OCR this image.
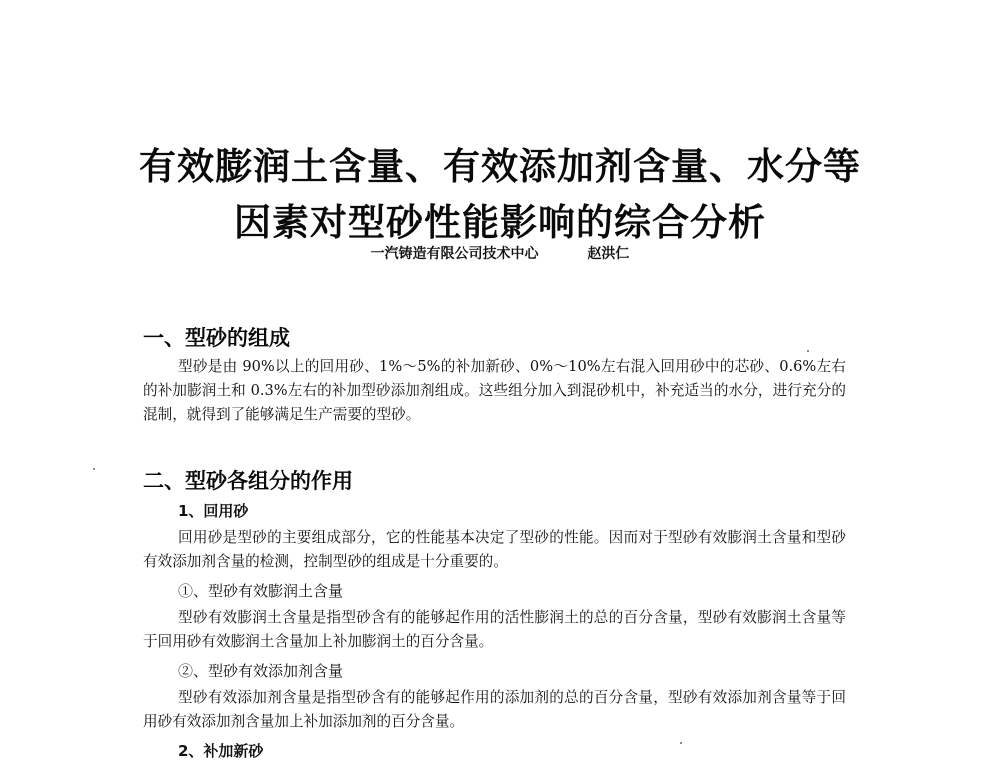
有效膨润土含量、有效添加剂含量、水分等
因素对型砂性能影响的综合分析
一汽铸造有限公司技术中心	赵洪仁
一、型砂的组成
型砂是由 90%以上的回用砂、1%～5%的补加新砂、0%～10%左右混入回用砂中的芯砂、0.6%左右的补加膨润土和 0.3%左右的补加型砂添加剂组成。这些组分加入到混砂机中，补充适当的水分，进行充分的混制，就得到了能够满足生产需要的型砂。
二、型砂各组分的作用
1、回用砂
回用砂是型砂的主要组成部分，它的性能基本决定了型砂的性能。因而对于型砂有效膨润土含量和型砂有效添加剂含量的检测，控制型砂的组成是十分重要的。
①、型砂有效膨润土含量
型砂有效膨润土含量是指型砂含有的能够起作用的活性膨润土的总的百分含量，型砂有效膨润土含量等于回用砂有效膨润土含量加上补加膨润土的百分含量。
②、型砂有效添加剂含量
型砂有效添加剂含量是指型砂含有的能够起作用的添加剂的总的百分含量，型砂有效添加剂含量等于回用砂有效添加剂含量加上补加添加剂的百分含量。
2、补加新砂
